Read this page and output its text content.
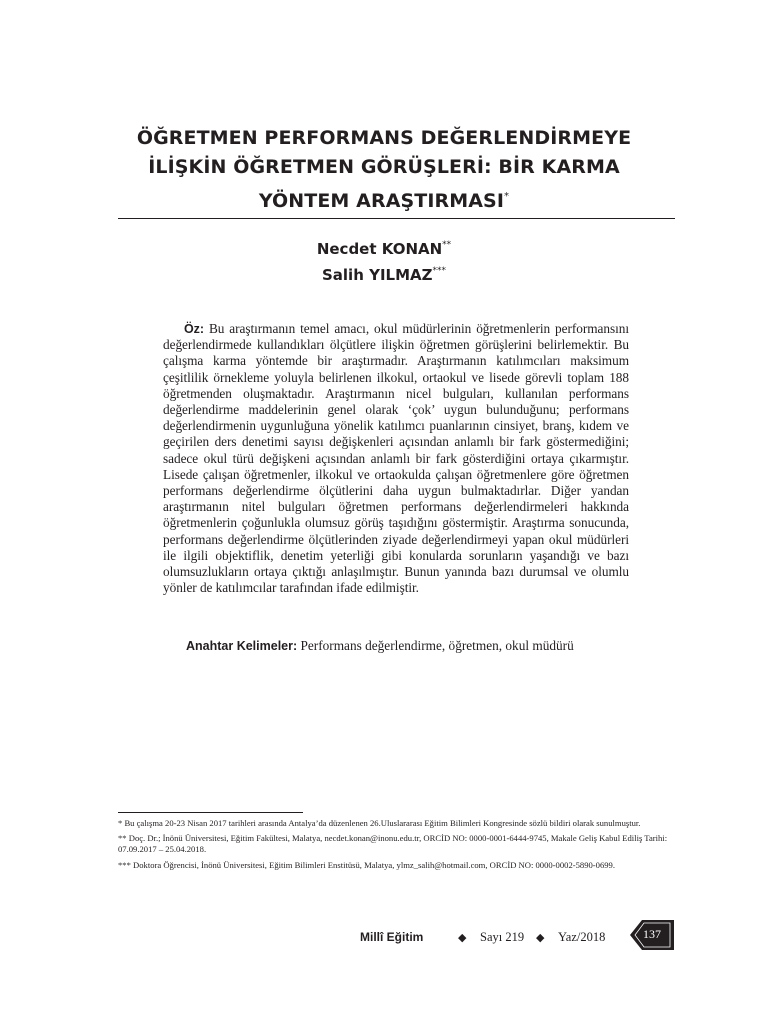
ÖĞRETMEN PERFORMANS DEĞERLENDİRMEYE
İLİŞKİN ÖĞRETMEN GÖRÜŞLERİ: BİR KARMA
YÖNTEM ARAŞTIRMASI*
Necdet KONAN**
Salih YILMAZ***

Öz: Bu araştırmanın temel amacı, okul müdürlerinin öğretmenlerin performansını değerlendirmede kullandıkları ölçütlere ilişkin öğretmen görüşlerini belirlemektir. Bu çalışma karma yöntemde bir araştırmadır. Araştırmanın katılımcıları maksimum çeşitlilik örnekleme yoluyla belirlenen ilkokul, ortaokul ve lisede görevli toplam 188 öğretmenden oluşmaktadır. Araştırmanın nicel bulguları, kullanılan performans değerlendirme maddelerinin genel olarak ‘çok’ uygun bulunduğunu; performans değerlendirmenin uygunluğuna yönelik katılımcı puanlarının cinsiyet, branş, kıdem ve geçirilen ders denetimi sayısı değişkenleri açısından anlamlı bir fark göstermediğini; sadece okul türü değişkeni açısından anlamlı bir fark gösterdiğini ortaya çıkarmıştır. Lisede çalışan öğretmenler, ilkokul ve ortaokulda çalışan öğretmenlere göre öğretmen performans değerlendirme ölçütlerini daha uygun bulmaktadırlar. Diğer yandan araştırmanın nitel bulguları öğretmen performans değerlendirmeleri hakkında öğretmenlerin çoğunlukla olumsuz görüş taşıdığını göstermiştir. Araştırma sonucunda, performans değerlendirme ölçütlerinden ziyade değerlendirmeyi yapan okul müdürleri ile ilgili objektiflik, denetim yeterliği gibi konularda sorunların yaşandığı ve bazı olumsuzlukların ortaya çıktığı anlaşılmıştır. Bunun yanında bazı durumsal ve olumlu yönler de katılımcılar tarafından ifade edilmiştir.

Anahtar Kelimeler: Performans değerlendirme, öğretmen, okul müdürü

* Bu çalışma 20-23 Nisan 2017 tarihleri arasında Antalya’da düzenlenen 26.Uluslararası Eğitim Bilimleri Kongresinde sözlü bildiri olarak sunulmuştur.

** Doç. Dr.; İnönü Üniversitesi, Eğitim Fakültesi, Malatya, necdet.konan@inonu.edu.tr, ORCİD NO: 0000-0001-6444-9745, Makale Geliş Kabul Ediliş Tarihi: 07.09.2017 – 25.04.2018.

*** Doktora Öğrencisi, İnönü Üniversitesi, Eğitim Bilimleri Enstitüsü, Malatya, ylmz_salih@hotmail.com, ORCİD NO: 0000-0002-5890-0699.

Millî Eğitim	◆ Sayı 219 ◆ Yaz/2018	137
